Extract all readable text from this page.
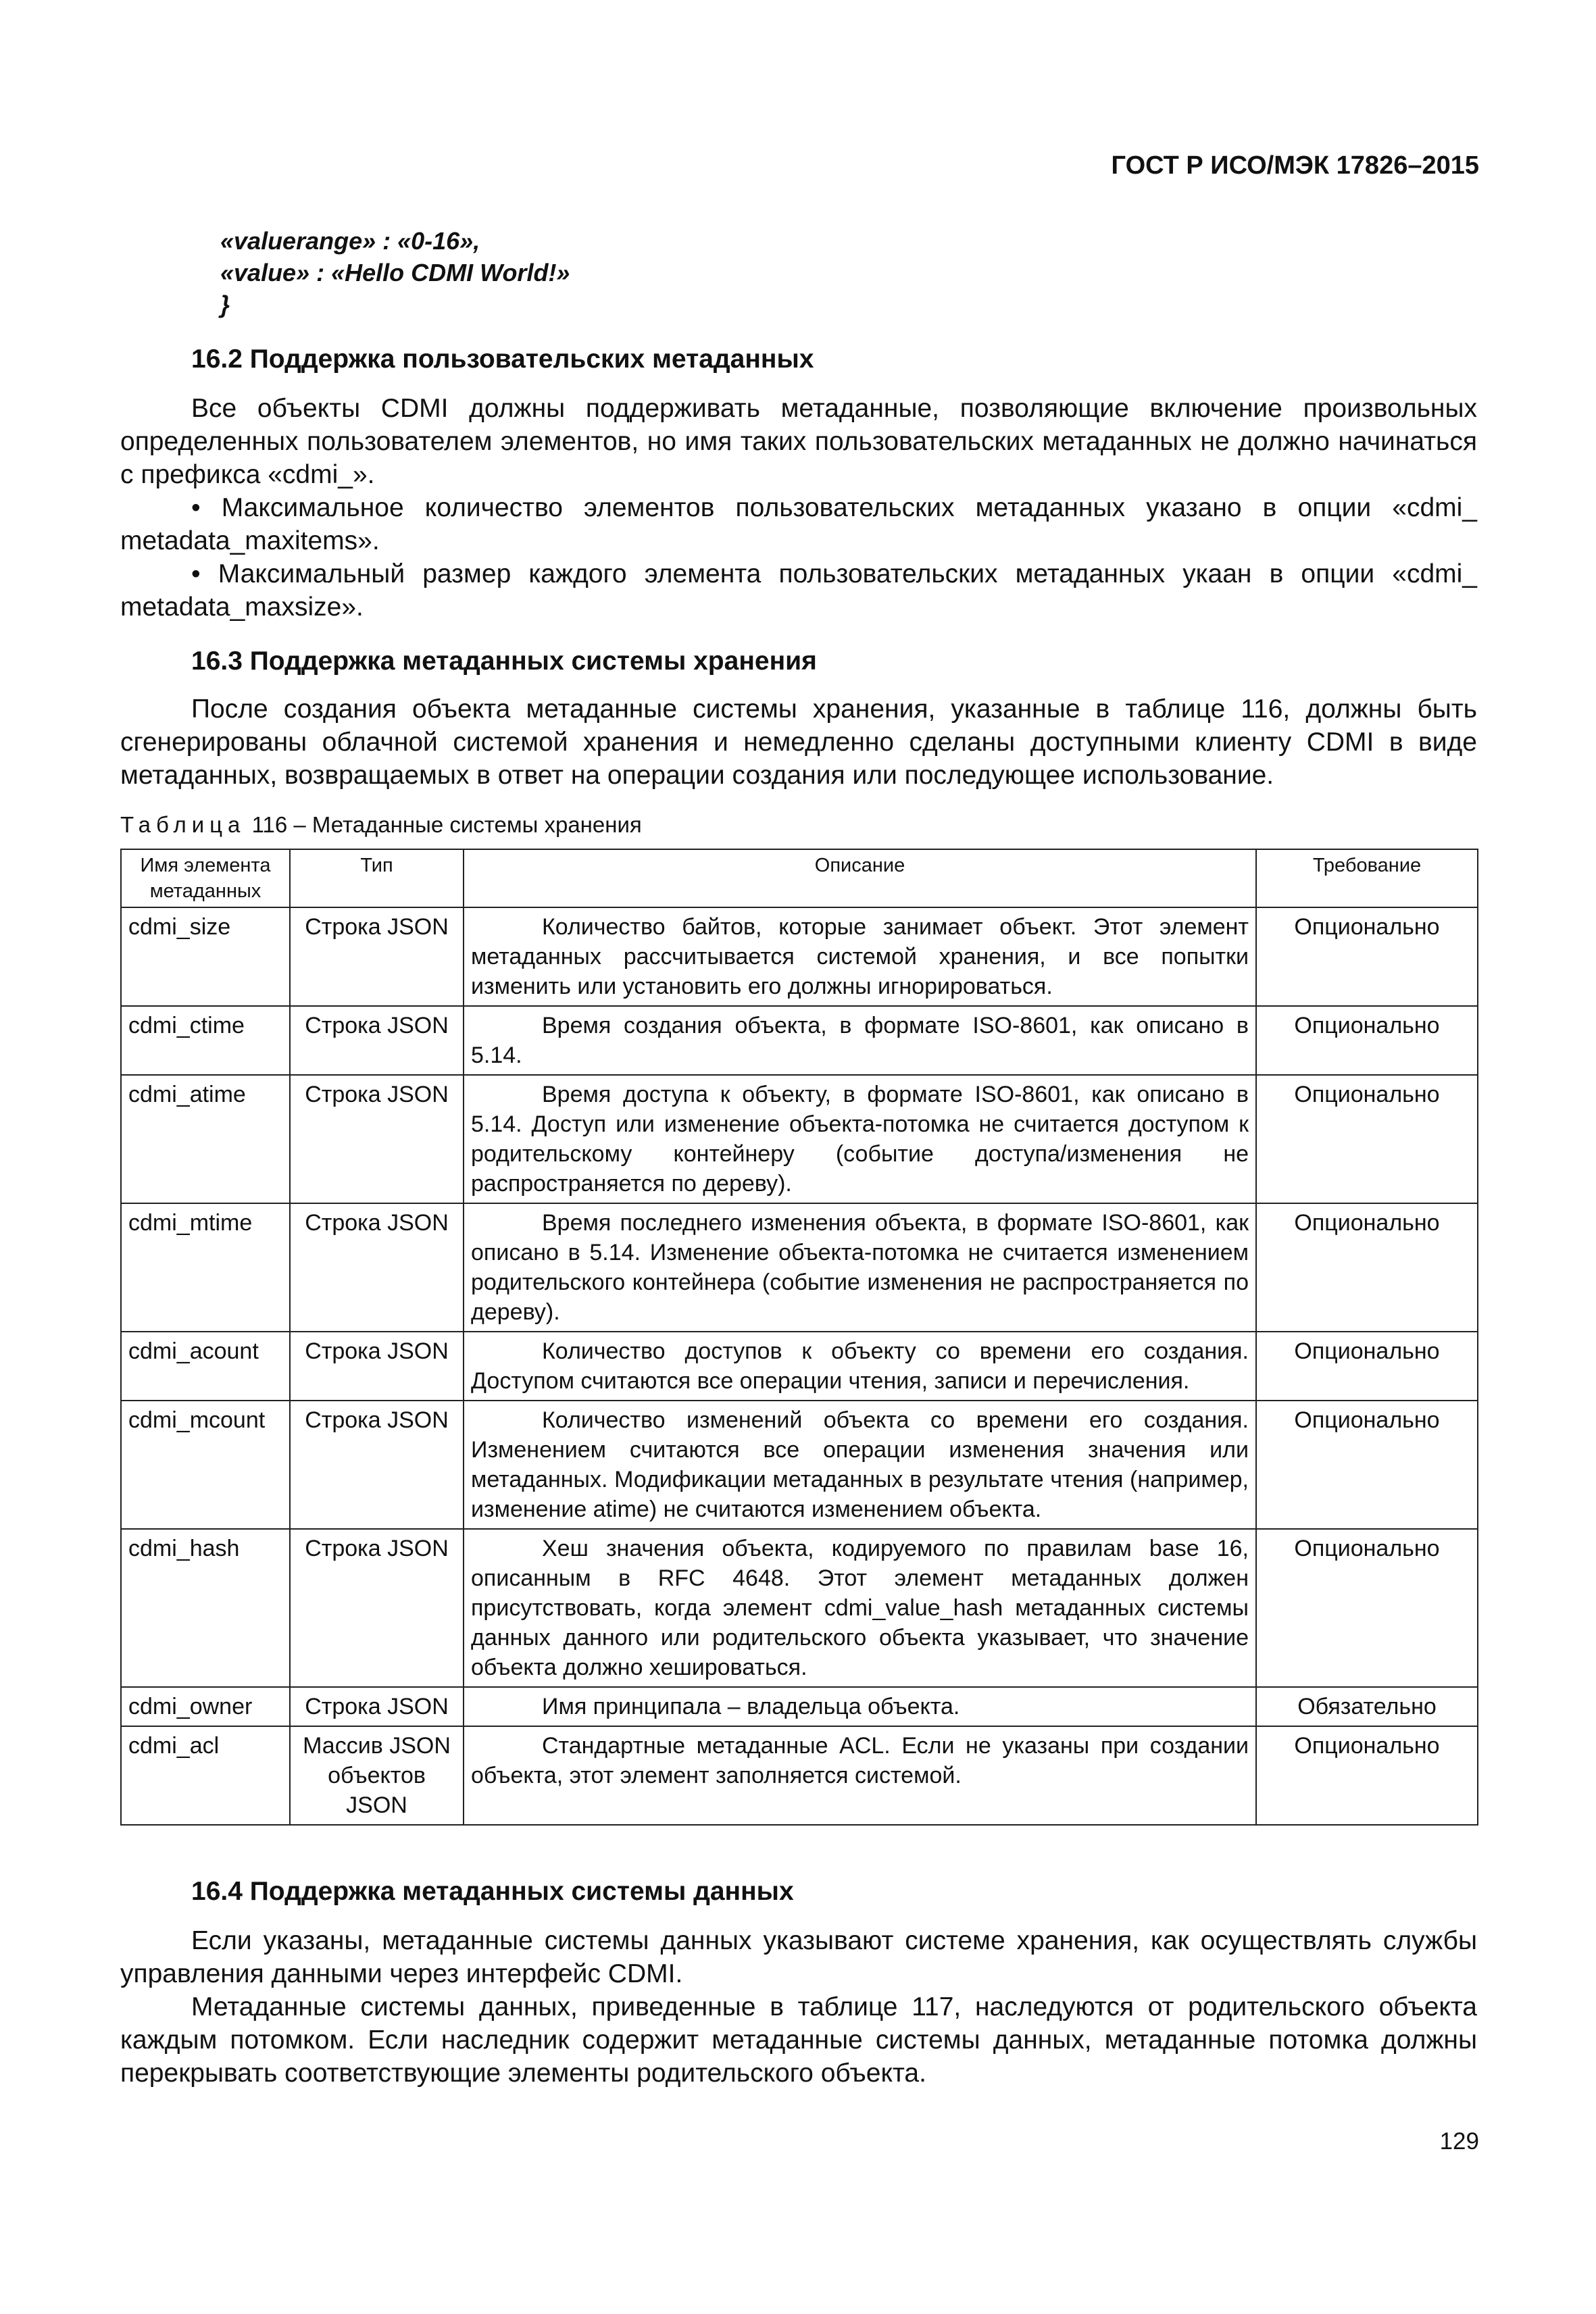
ГОСТ Р ИСО/МЭК 17826–2015
«valuerange» : «0-16»,
«value» : «Hello CDMI World!»
}
16.2 Поддержка пользовательских метаданных
Все объекты CDMI должны поддерживать метаданные, позволяющие включение произвольных определенных пользователем элементов, но имя таких пользовательских метаданных не должно начинаться с префикса «cdmi_».
• Максимальное количество элементов пользовательских метаданных указано в опции «cdmi_ metadata_maxitems».
• Максимальный размер каждого элемента пользовательских метаданных укаан в опции «cdmi_ metadata_maxsize».
16.3 Поддержка метаданных системы хранения
После создания объекта метаданные системы хранения, указанные в таблице 116, должны быть сгенерированы облачной системой хранения и немедленно сделаны доступными клиенту CDMI в виде метаданных, возвращаемых в ответ на операции создания или последующее использование.
Таблица 116 – Метаданные системы хранения
Имя элемента метаданных	Тип	Описание	Требование
cdmi_size	Строка JSON	Количество байтов, которые занимает объект. Этот элемент метаданных рассчитывается системой хранения, и все попытки изменить или установить его должны игнорироваться.	Опционально
cdmi_ctime	Строка JSON	Время создания объекта, в формате ISO-8601, как описано в 5.14.	Опционально
cdmi_atime	Строка JSON	Время доступа к объекту, в формате ISO-8601, как описано в 5.14. Доступ или изменение объекта-потомка не считается доступом к родительскому контейнеру (событие доступа/изменения не распространяется по дереву).	Опционально
cdmi_mtime	Строка JSON	Время последнего изменения объекта, в формате ISO-8601, как описано в 5.14. Изменение объекта-потомка не считается изменением родительского контейнера (событие изменения не распространяется по дереву).	Опционально
cdmi_acount	Строка JSON	Количество доступов к объекту со времени его создания. Доступом считаются все операции чтения, записи и перечисления.	Опционально
cdmi_mcount	Строка JSON	Количество изменений объекта со времени его создания. Изменением считаются все операции изменения значения или метаданных. Модификации метаданных в результате чтения (например, изменение atime) не считаются изменением объекта.	Опционально
cdmi_hash	Строка JSON	Хеш значения объекта, кодируемого по правилам base 16, описанным в RFC 4648. Этот элемент метаданных должен присутствовать, когда элемент cdmi_value_hash метаданных системы данных данного или родительского объекта указывает, что значение объекта должно хешироваться.	Опционально
cdmi_owner	Строка JSON	Имя принципала – владельца объекта.	Обязательно
cdmi_acl	Массив JSON объектов JSON	Стандартные метаданные ACL. Если не указаны при создании объекта, этот элемент заполняется системой.	Опционально
16.4 Поддержка метаданных системы данных
Если указаны, метаданные системы данных указывают системе хранения, как осуществлять службы управления данными через интерфейс CDMI.
Метаданные системы данных, приведенные в таблице 117, наследуются от родительского объекта каждым потомком. Если наследник содержит метаданные системы данных, метаданные потомка должны перекрывать соответствующие элементы родительского объекта.
129
